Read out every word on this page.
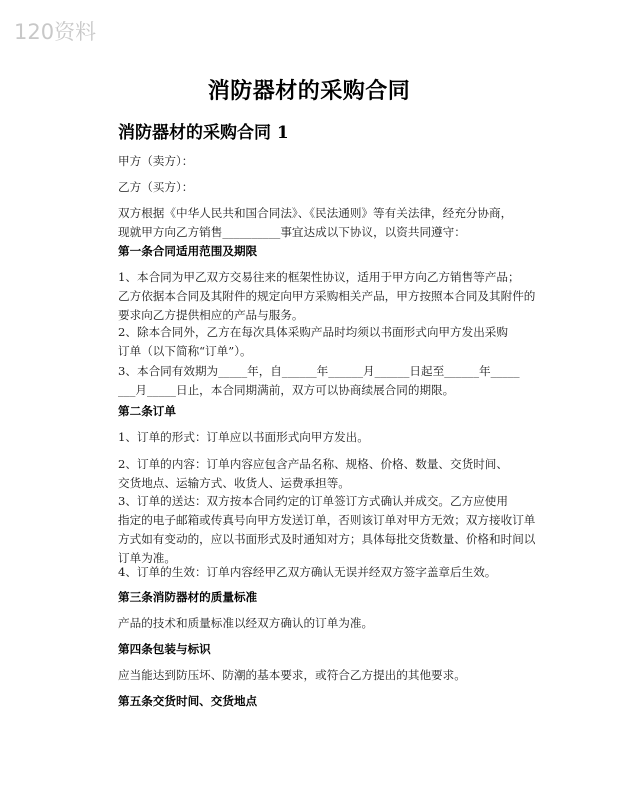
120资料
消防器材的采购合同
消防器材的采购合同 1
甲方（卖方）：
乙方（买方）：

双方根据《中华人民共和国合同法》、《民法通则》等有关法律，经充分协商，

现就甲方向乙方销售__________事宜达成以下协议，以资共同遵守：

第一条合同适用范围及期限

1、本合同为甲乙双方交易往来的框架性协议，适用于甲方向乙方销售等产品；

乙方依据本合同及其附件的规定向甲方采购相关产品，甲方按照本合同及其附件的

要求向乙方提供相应的产品与服务。

2、除本合同外，乙方在每次具体采购产品时均须以书面形式向甲方发出采购

订单（以下简称“订单”）。

3、本合同有效期为_____年，自______年______月______日起至______年_____

___月_____日止，本合同期满前，双方可以协商续展合同的期限。

第二条订单

1、订单的形式：订单应以书面形式向甲方发出。

2、订单的内容：订单内容应包含产品名称、规格、价格、数量、交货时间、

交货地点、运输方式、收货人、运费承担等。

3、订单的送达：双方按本合同约定的订单签订方式确认并成交。乙方应使用

指定的电子邮箱或传真号向甲方发送订单，否则该订单对甲方无效；双方接收订单

方式如有变动的，应以书面形式及时通知对方；具体每批交货数量、价格和时间以

订单为准。

4、订单的生效：订单内容经甲乙双方确认无误并经双方签字盖章后生效。

第三条消防器材的质量标准

产品的技术和质量标准以经双方确认的订单为准。

第四条包装与标识

应当能达到防压坏、防潮的基本要求，或符合乙方提出的其他要求。

第五条交货时间、交货地点
